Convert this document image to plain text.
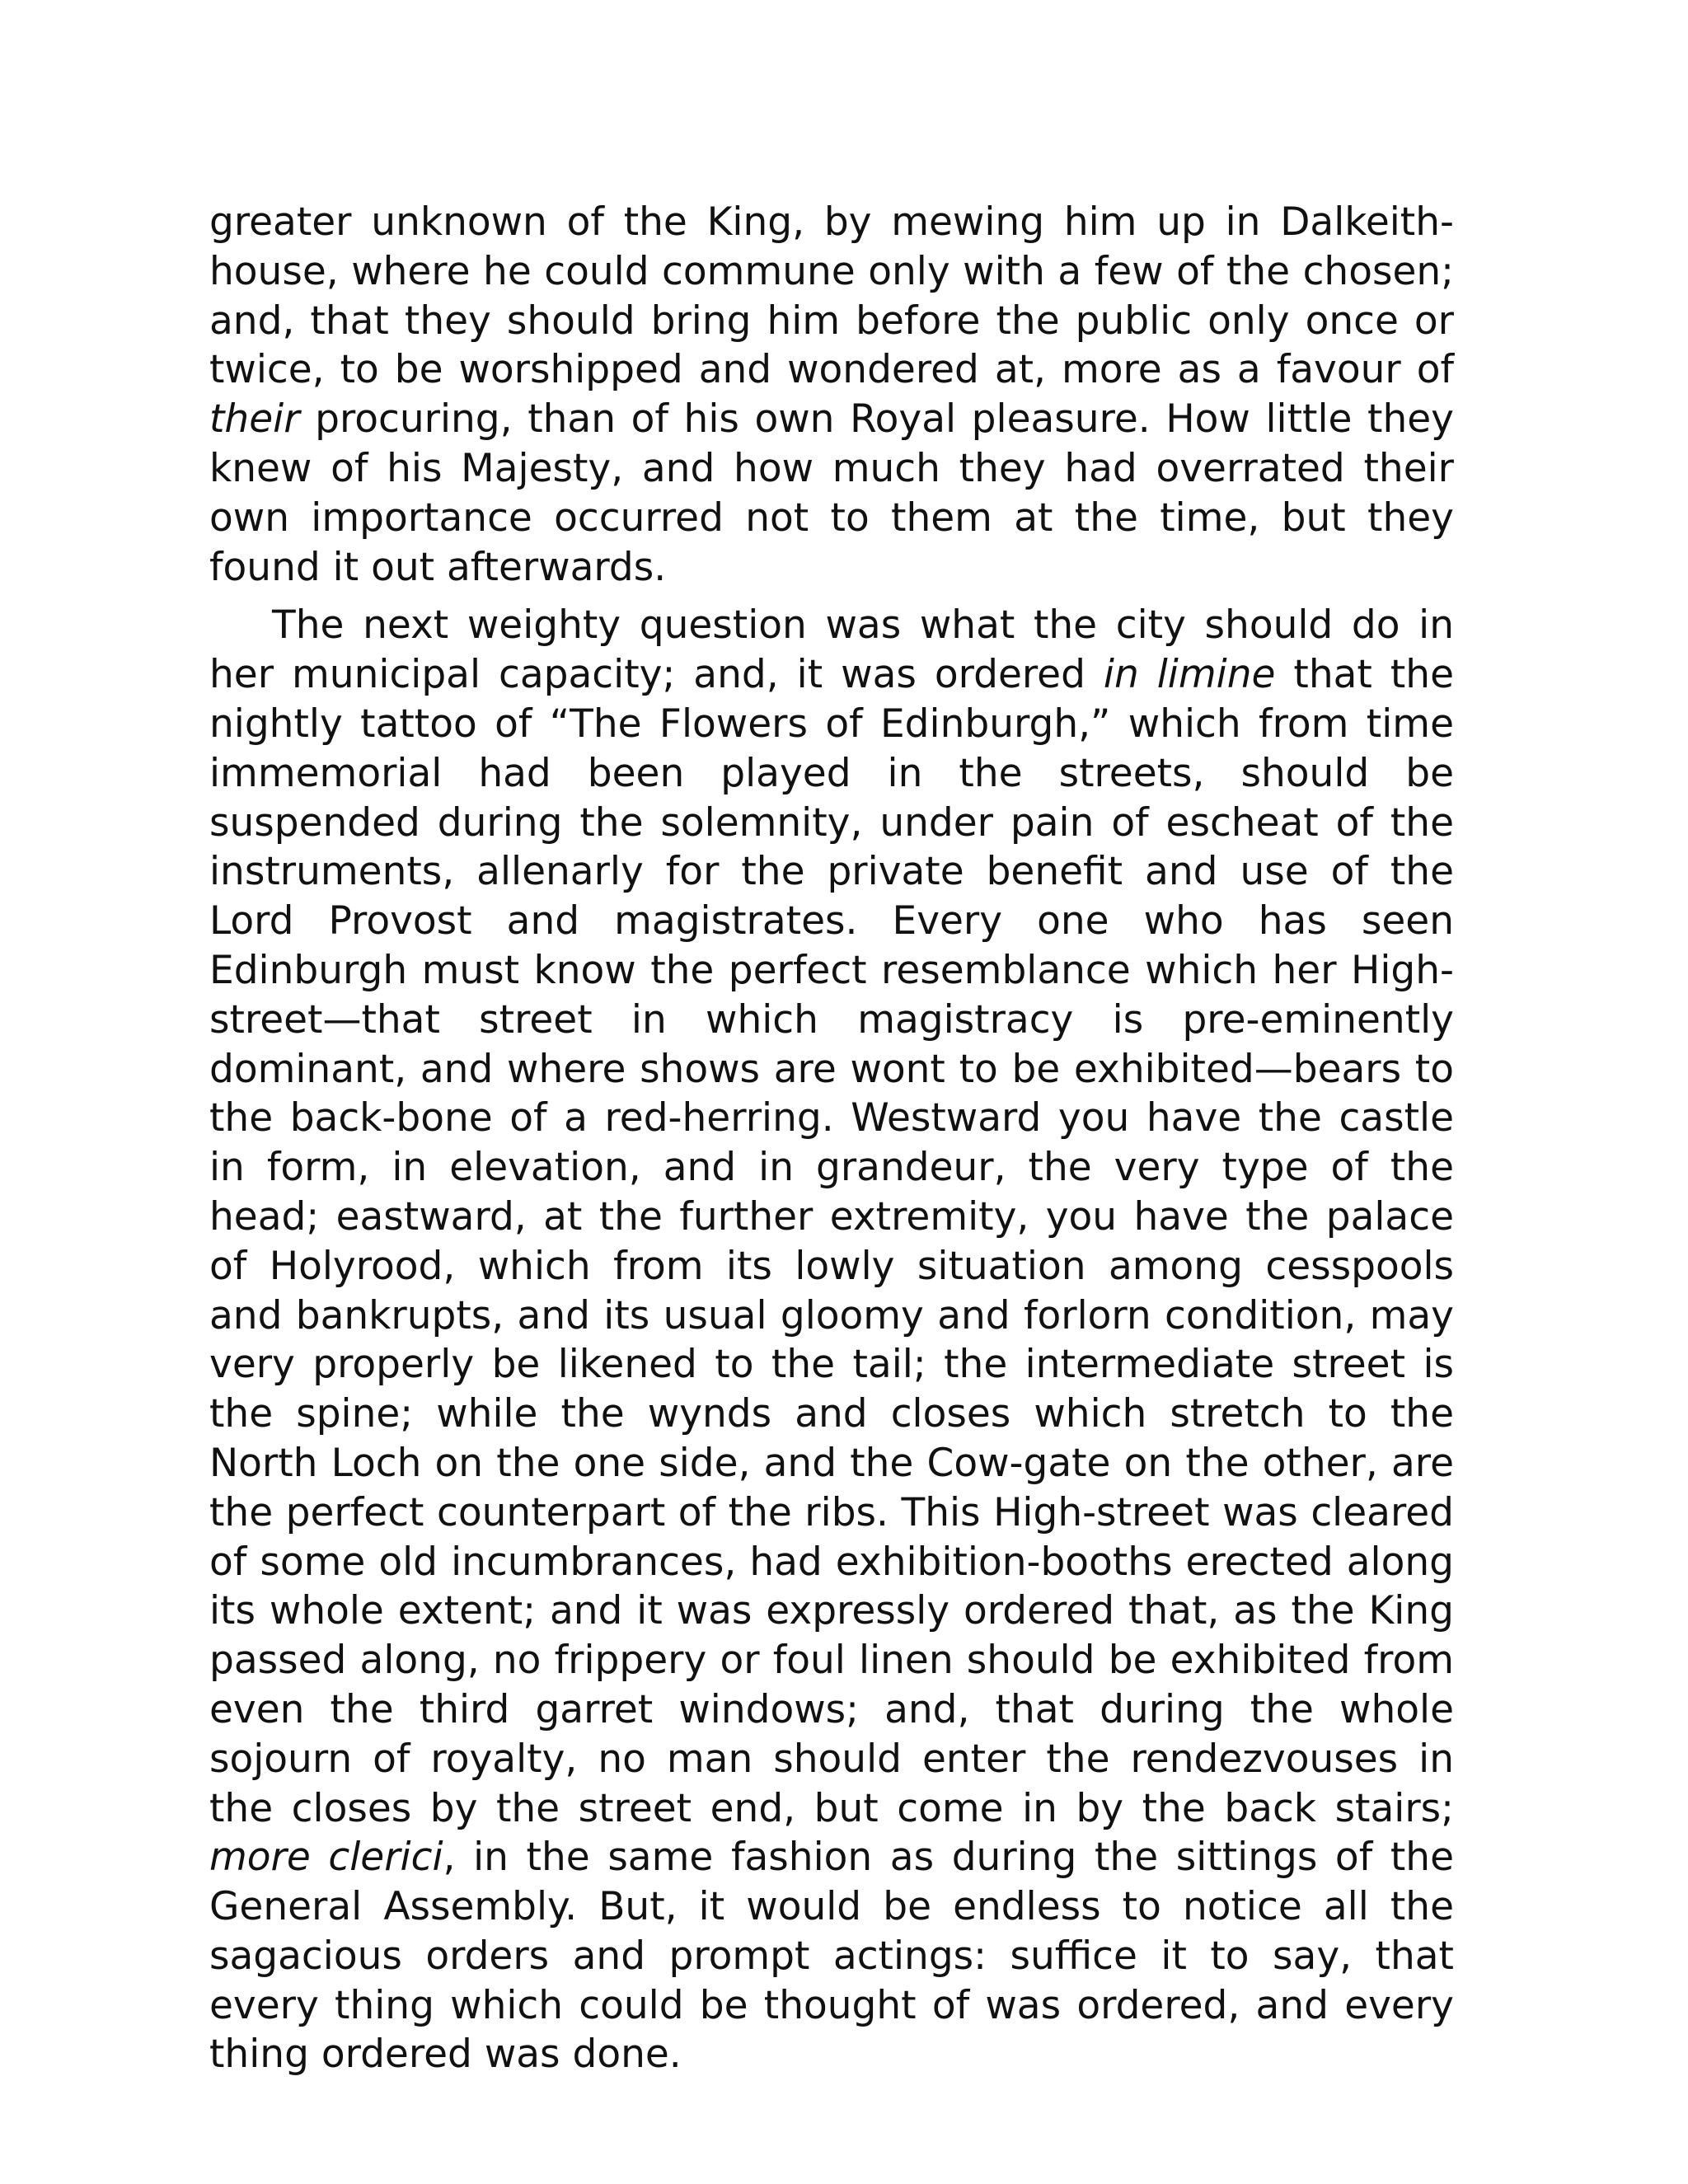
greater unknown of the King, by mewing him up in Dalkeith-house, where he could commune only with a few of the chosen; and, that they should bring him before the public only once or twice, to be worshipped and wondered at, more as a favour of their procuring, than of his own Royal pleasure. How little they knew of his Majesty, and how much they had overrated their own importance occurred not to them at the time, but they found it out afterwards.

The next weighty question was what the city should do in her municipal capacity; and, it was ordered in limine that the nightly tattoo of “The Flowers of Edinburgh,” which from time immemorial had been played in the streets, should be suspended during the solemnity, under pain of escheat of the instruments, allenarly for the private benefit and use of the Lord Provost and magistrates. Every one who has seen Edinburgh must know the perfect resemblance which her High-street—that street in which magistracy is pre-eminently dominant, and where shows are wont to be exhibited—bears to the back-bone of a red-herring. Westward you have the castle in form, in elevation, and in grandeur, the very type of the head; eastward, at the further extremity, you have the palace of Holyrood, which from its lowly situation among cesspools and bankrupts, and its usual gloomy and forlorn condition, may very properly be likened to the tail; the intermediate street is the spine; while the wynds and closes which stretch to the North Loch on the one side, and the Cow-gate on the other, are the perfect counterpart of the ribs. This High-street was cleared of some old incumbrances, had exhibition-booths erected along its whole extent; and it was expressly ordered that, as the King passed along, no frippery or foul linen should be exhibited from even the third garret windows; and, that during the whole sojourn of royalty, no man should enter the rendezvouses in the closes by the street end, but come in by the back stairs; more clerici, in the same fashion as during the sittings of the General Assembly. But, it would be endless to notice all the sagacious orders and prompt actings: suffice it to say, that every thing which could be thought of was ordered, and every thing ordered was done.
